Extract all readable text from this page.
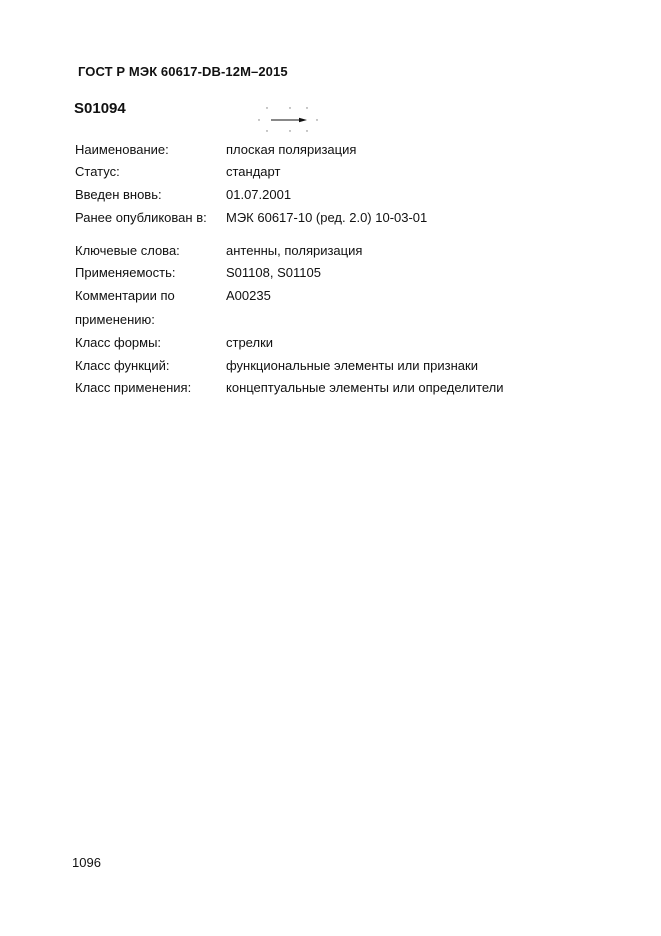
ГОСТ Р МЭК 60617-DB-12M–2015
S01094
Наименование:	плоская поляризация
Статус:	стандарт
Введен вновь:	01.07.2001
Ранее опубликован в:	МЭК 60617-10 (ред. 2.0) 10-03-01
Ключевые слова:	антенны, поляризация
Применяемость:	S01108, S01105
Комментарии по	A00235
применению:
Класс формы:	стрелки
Класс функций:	функциональные элементы или признаки
Класс применения:	концептуальные элементы или определители
1096
